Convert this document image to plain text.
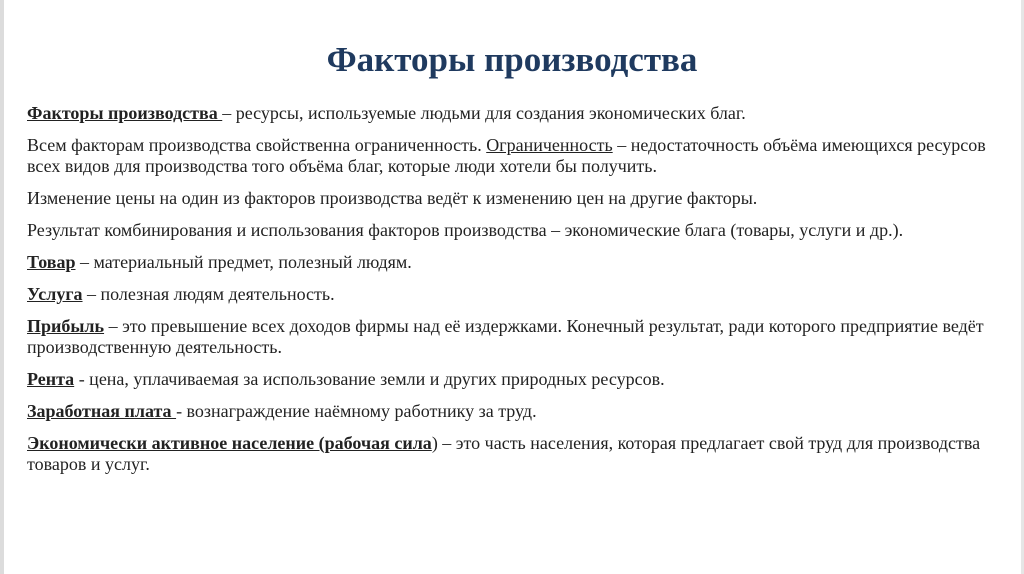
Факторы производства

Факторы производства – ресурсы, используемые людьми для создания экономических благ.

Всем факторам производства свойственна ограниченность. Ограниченность – недостаточность объёма имеющихся ресурсов всех видов для производства того объёма благ, которые люди хотели бы получить.

Изменение цены на один из факторов производства ведёт к изменению цен на другие факторы.

Результат комбинирования и использования факторов производства – экономические блага (товары, услуги и др.).

Товар – материальный предмет, полезный людям.

Услуга – полезная людям деятельность.

Прибыль – это превышение всех доходов фирмы над её издержками. Конечный результат, ради которого предприятие ведёт производственную деятельность.

Рента - цена, уплачиваемая за использование земли и других природных ресурсов.

Заработная плата - вознаграждение наёмному работнику за труд.

Экономически активное население (рабочая сила) – это часть населения, которая предлагает свой труд для производства товаров и услуг.
